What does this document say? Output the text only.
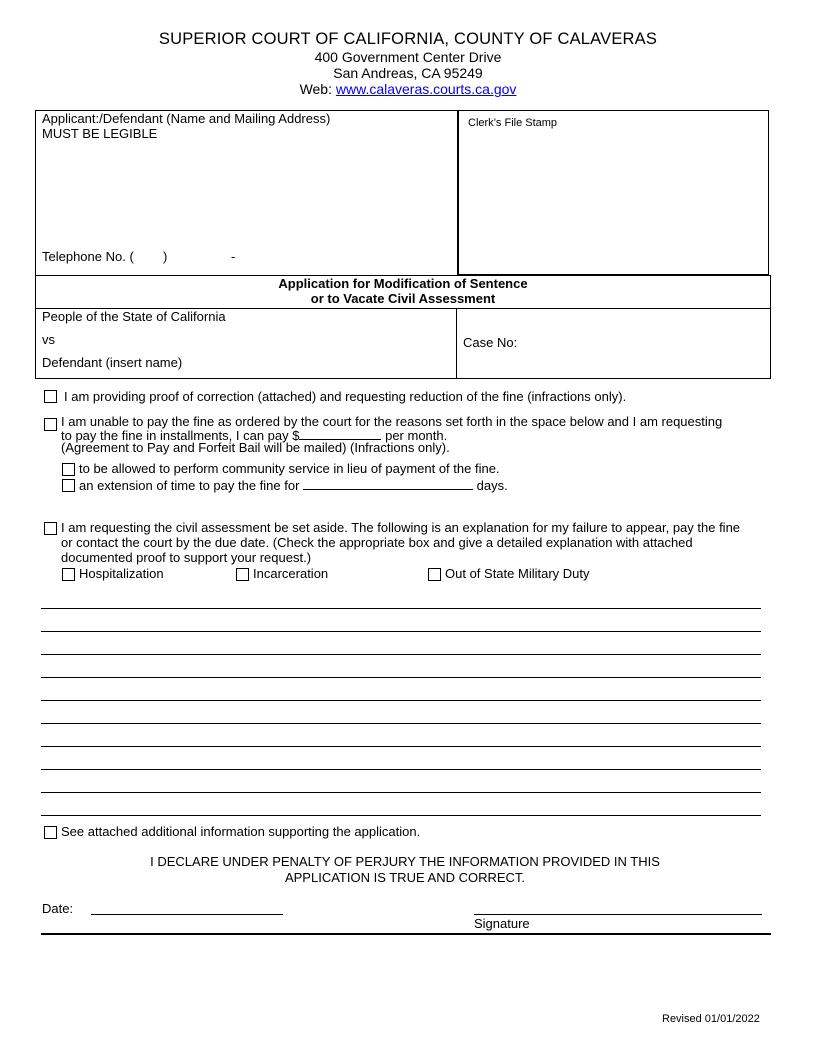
SUPERIOR COURT OF CALIFORNIA, COUNTY OF CALAVERAS
400 Government Center Drive
San Andreas, CA 95249
Web: www.calaveras.courts.ca.gov
Applicant:/Defendant (Name and Mailing Address)
MUST BE LEGIBLE
Telephone No. ( )	-
Clerk’s File Stamp
Application for Modification of Sentence
or to Vacate Civil Assessment
People of the State of California
vs
Defendant (insert name)
Case No:
I am providing proof of correction (attached) and requesting reduction of the fine (infractions only).
I am unable to pay the fine as ordered by the court for the reasons set forth in the space below and I am requesting
to pay the fine in installments, I can pay $	per month.
(Agreement to Pay and Forfeit Bail will be mailed) (Infractions only).
to be allowed to perform community service in lieu of payment of the fine.
an extension of time to pay the fine for	days.
I am requesting the civil assessment be set aside. The following is an explanation for my failure to appear, pay the fine
or contact the court by the due date. (Check the appropriate box and give a detailed explanation with attached
documented proof to support your request.)
Hospitalization	Incarceration	Out of State Military Duty
See attached additional information supporting the application.
I DECLARE UNDER PENALTY OF PERJURY THE INFORMATION PROVIDED IN THIS
APPLICATION IS TRUE AND CORRECT.
Date:
Signature
Revised 01/01/2022
